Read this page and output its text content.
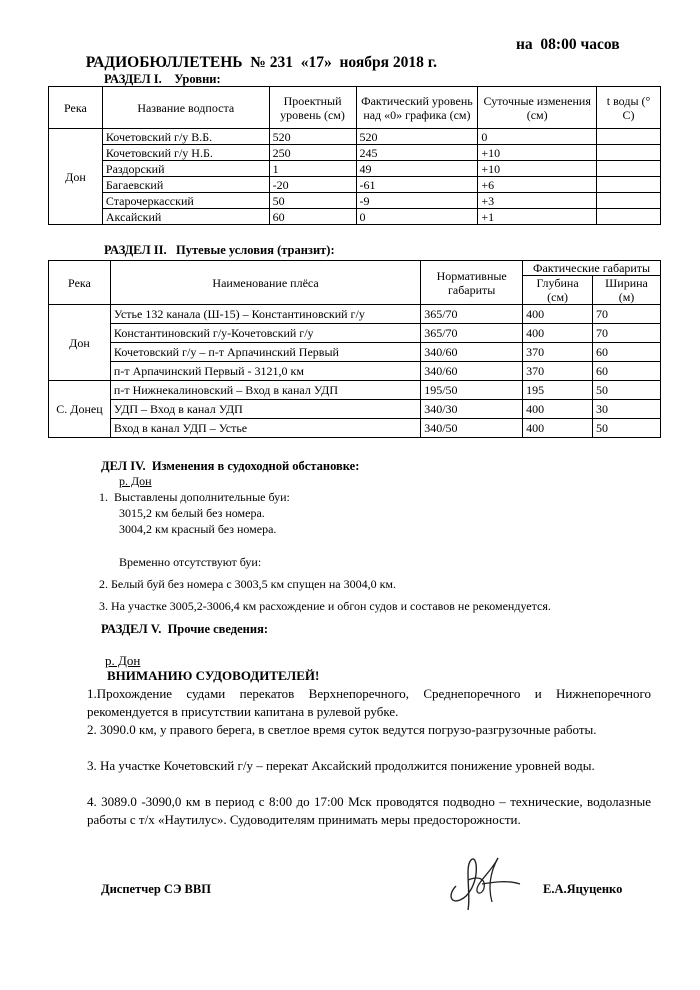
РАДИОБЮЛЛЕТЕНЬ  № 231  «17»  ноября 2018 г.

на  08:00 часов

РАЗДЕЛ I.    Уровни:
Река	Название водпоста	Проектный уровень (см)	Фактический уровень над «0» графика (см)	Суточные изменения (см)	t воды (° С)
Дон	Кочетовский г/у В.Б.	520	520	0	
	Кочетовский г/у Н.Б.	250	245	+10	
	Раздорский	1	49	+10	
	Багаевский	-20	-61	+6	
	Старочеркасский	50	-9	+3	
	Аксайский	60	0	+1	
РАЗДЕЛ II.   Путевые условия (транзит):
Река	Наименование плёса	Нормативные габариты	Фактические габариты	
			Глубина (см)	Ширина (м)
Дон	Устье 132 канала (Ш-15) – Константиновский г/у	365/70	400	70
	Константиновский г/у-Кочетовский г/у	365/70	400	70
	Кочетовский г/у – п-т Арпачинский Первый	340/60	370	60
	п-т Арпачинский Первый - 3121,0 км	340/60	370	60
С. Донец	п-т Нижнекалиновский – Вход в канал УДП	195/50	195	50
	УДП – Вход в канал УДП	340/30	400	30
	Вход в канал УДП – Устье	340/50	400	50
ДЕЛ IV.  Изменения в судоходной обстановке:
р. Дон
1.  Выставлены дополнительные буи:
3015,2 км белый без номера.
3004,2 км красный без номера.
Временно отсутствуют буи:
2. Белый буй без номера с 3003,5 км спущен на 3004,0 км.
3. На участке 3005,2-3006,4 км расхождение и обгон судов и составов не рекомендуется.
РАЗДЕЛ V.  Прочие сведения:
р. Дон
ВНИМАНИЮ СУДОВОДИТЕЛЕЙ!
1.Прохождение судами перекатов Верхнепоречного, Среднепоречного и Нижнепоречного рекомендуется в присутствии капитана в рулевой рубке.
2. 3090.0 км, у правого берега, в светлое время суток ведутся погрузо-разгрузочные работы.
3. На участке Кочетовский г/у – перекат Аксайский продолжится понижение уровней воды.
4. 3089.0 -3090,0 км в период с 8:00 до 17:00 Мск проводятся подводно – технические, водолазные работы с т/х «Наутилус». Судоводителям принимать меры предосторожности.
Диспетчер СЭ ВВП	Е.А.Яцуценко
